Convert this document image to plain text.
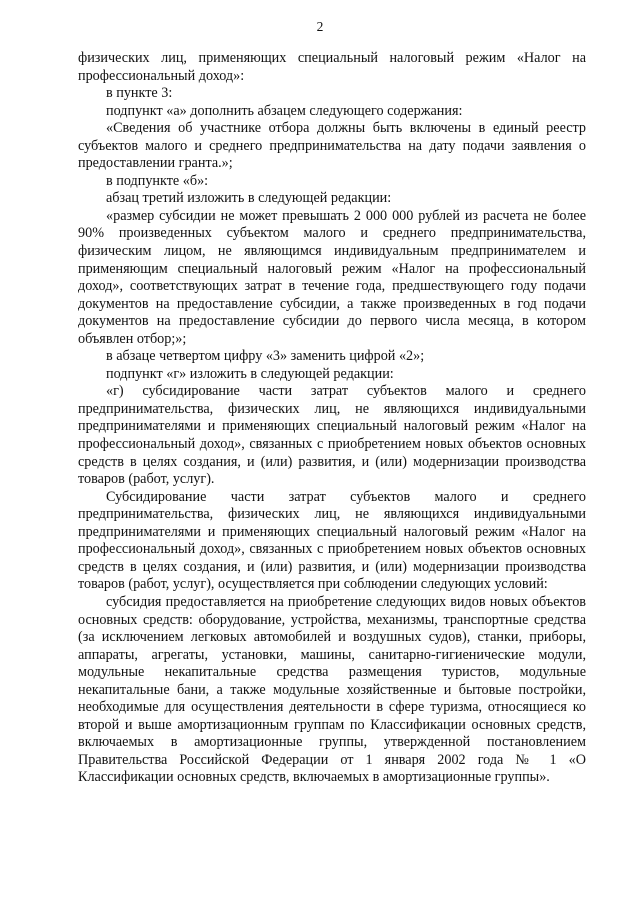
2

физических лиц, применяющих специальный налоговый режим «Налог на профессиональный доход»:

в пункте 3:

подпункт «а» дополнить абзацем следующего содержания:

«Сведения об участнике отбора должны быть включены в единый реестр субъектов малого и среднего предпринимательства на дату подачи заявления о предоставлении гранта.»;

в подпункте «б»:

абзац третий изложить в следующей редакции:

«размер субсидии не может превышать 2 000 000 рублей из расчета не более 90% произведенных субъектом малого и среднего предпринимательства, физическим лицом, не являющимся индивидуальным предпринимателем и применяющим специальный налоговый режим «Налог на профессиональный доход», соответствующих затрат в течение года, предшествующего году подачи документов на предоставление субсидии, а также произведенных в год подачи документов на предоставление субсидии до первого числа месяца, в котором объявлен отбор;»;

в абзаце четвертом цифру «3» заменить цифрой «2»;

подпункт «г» изложить в следующей редакции:

«г) субсидирование части затрат субъектов малого и среднего предпринимательства, физических лиц, не являющихся индивидуальными предпринимателями и применяющих специальный налоговый режим «Налог на профессиональный доход», связанных с приобретением новых объектов основных средств в целях создания, и (или) развития, и (или) модернизации производства товаров (работ, услуг).

Субсидирование части затрат субъектов малого и среднего предпринимательства, физических лиц, не являющихся индивидуальными предпринимателями и применяющих специальный налоговый режим «Налог на профессиональный доход», связанных с приобретением новых объектов основных средств в целях создания, и (или) развития, и (или) модернизации производства товаров (работ, услуг), осуществляется при соблюдении следующих условий:

субсидия предоставляется на приобретение следующих видов новых объектов основных средств: оборудование, устройства, механизмы, транспортные средства (за исключением легковых автомобилей и воздушных судов), станки, приборы, аппараты, агрегаты, установки, машины, санитарно-гигиенические модули, модульные некапитальные средства размещения туристов, модульные некапитальные бани, а также модульные хозяйственные и бытовые постройки, необходимые для осуществления деятельности в сфере туризма, относящиеся ко второй и выше амортизационным группам по Классификации основных средств, включаемых в амортизационные группы, утвержденной постановлением Правительства Российской Федерации от 1 января 2002 года № 1 «О Классификации основных средств, включаемых в амортизационные группы».
